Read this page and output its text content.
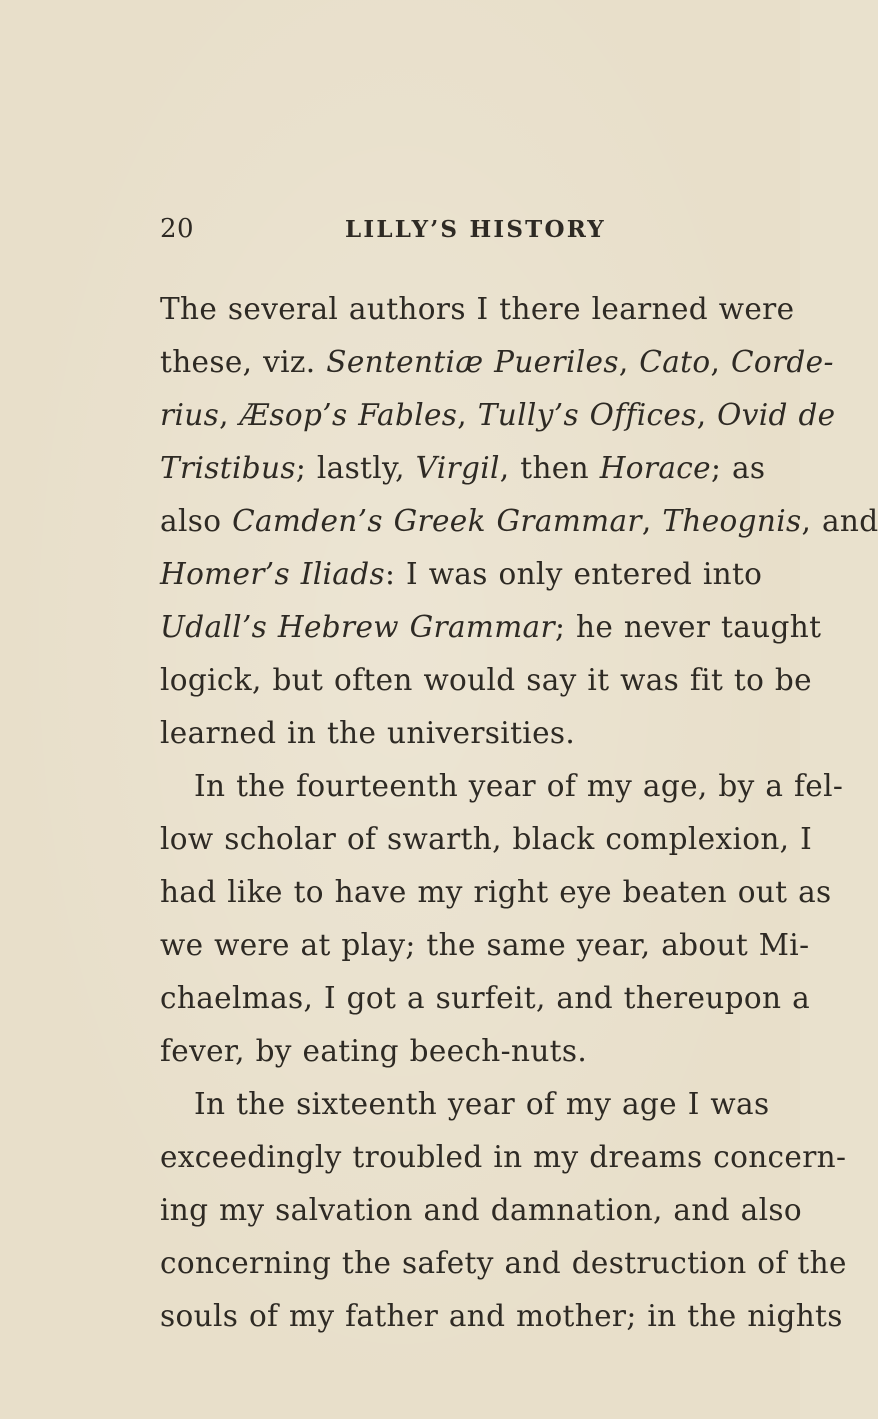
20	LILLY’S HISTORY
The several authors I there learned were
these, viz. Sententiæ Pueriles, Cato, Corde-
rius, Æsop’s Fables, Tully’s Offices, Ovid de
Tristibus; lastly, Virgil, then Horace; as
also Camden’s Greek Grammar, Theognis, and
Homer’s Iliads: I was only entered into
Udall’s Hebrew Grammar; he never taught
logick, but often would say it was fit to be
learned in the universities.
In the fourteenth year of my age, by a fel-
low scholar of swarth, black complexion, I
had like to have my right eye beaten out as
we were at play; the same year, about Mi-
chaelmas, I got a surfeit, and thereupon a
fever, by eating beech-nuts.
In the sixteenth year of my age I was
exceedingly troubled in my dreams concern-
ing my salvation and damnation, and also
concerning the safety and destruction of the
souls of my father and mother; in the nights
